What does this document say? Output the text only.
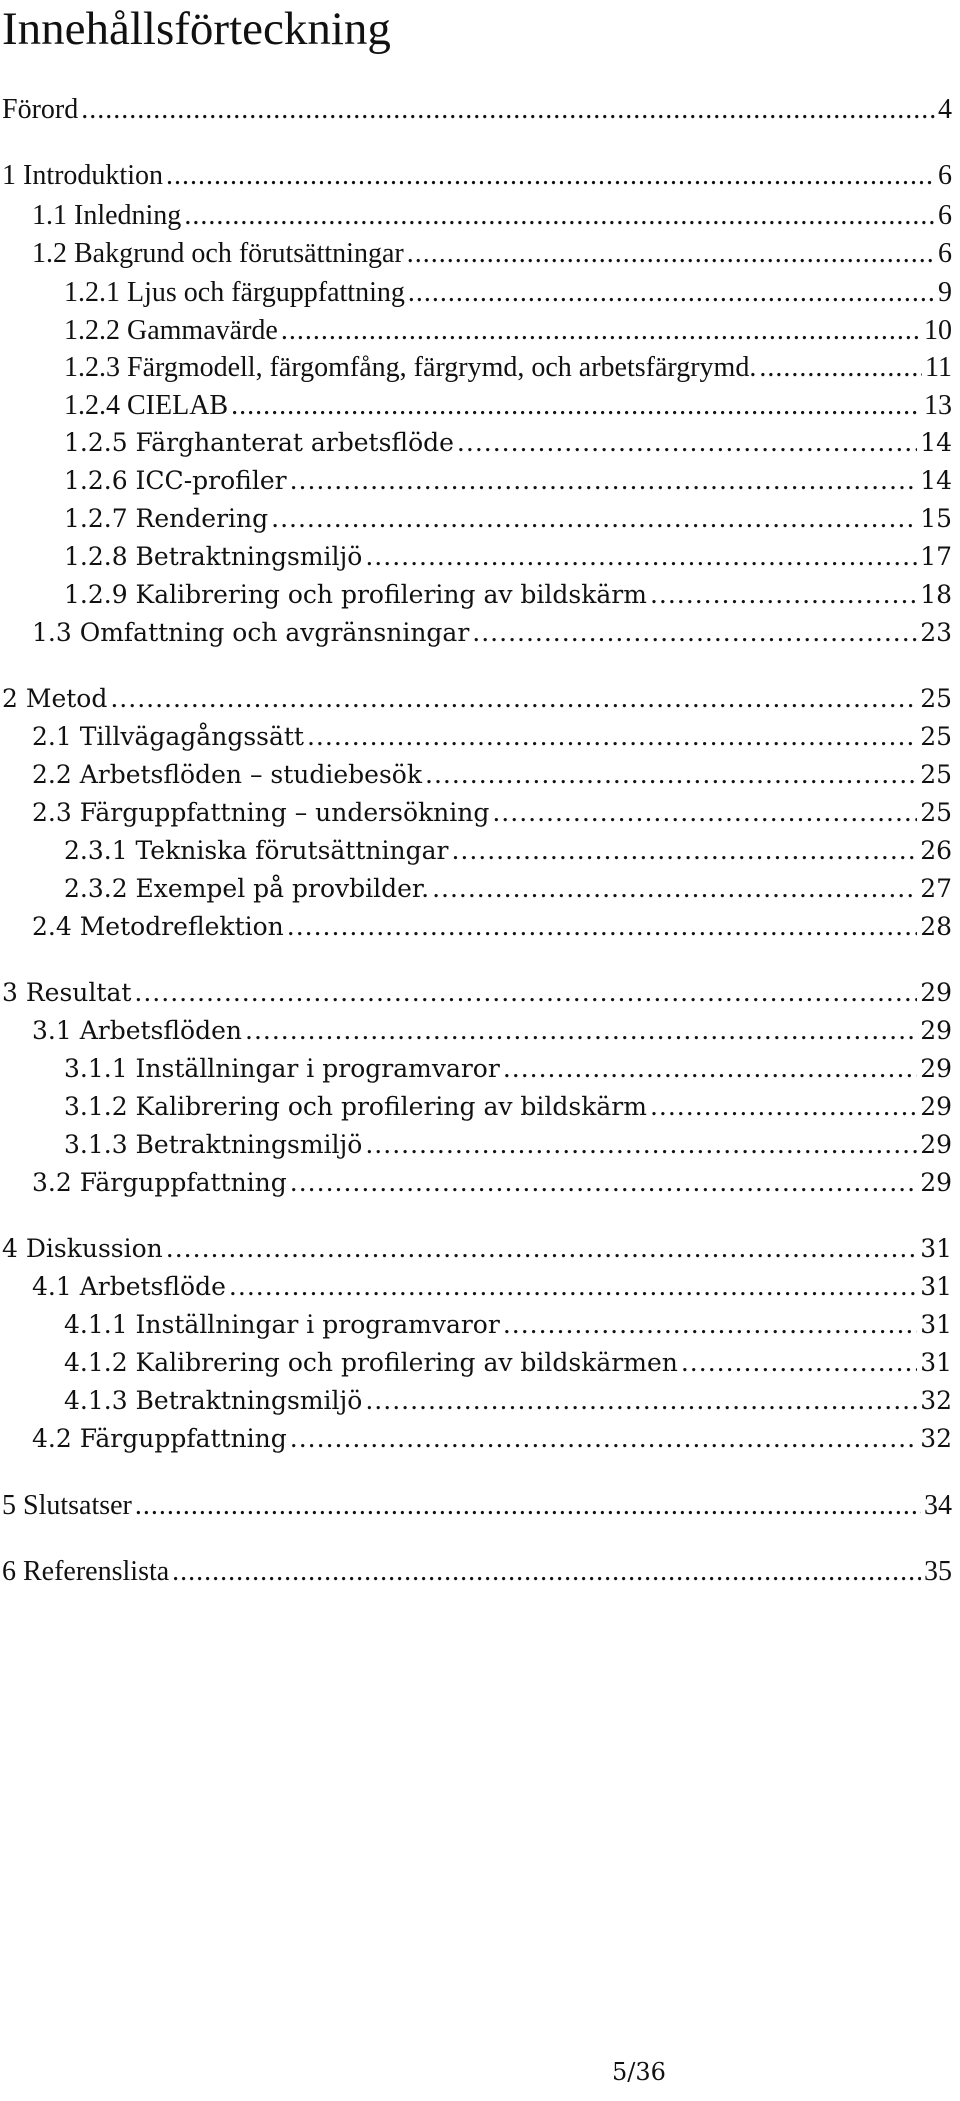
Innehållsförteckning
Förord .....	4
1 Introduktion .....	6
1.1 Inledning .....	6
1.2 Bakgrund och förutsättningar .....	6
1.2.1 Ljus och färguppfattning .....	9
1.2.2 Gammavärde .....	10
1.2.3 Färgmodell, färgomfång, färgrymd, och arbetsfärgrymd. .....	11
1.2.4 CIELAB .....	13
1.2.5 Färghanterat arbetsflöde .....	14
1.2.6 ICC-profiler .....	14
1.2.7 Rendering .....	15
1.2.8 Betraktningsmiljö .....	17
1.2.9 Kalibrering och profilering av bildskärm .....	18
1.3 Omfattning och avgränsningar .....	23
2 Metod .....	25
2.1 Tillvägagångssätt .....	25
2.2 Arbetsflöden – studiebesök .....	25
2.3 Färguppfattning – undersökning .....	25
2.3.1 Tekniska förutsättningar .....	26
2.3.2 Exempel på provbilder. .....	27
2.4 Metodreflektion .....	28
3 Resultat .....	29
3.1 Arbetsflöden .....	29
3.1.1 Inställningar i programvaror .....	29
3.1.2 Kalibrering och profilering av bildskärm .....	29
3.1.3 Betraktningsmiljö .....	29
3.2 Färguppfattning .....	29
4 Diskussion .....	31
4.1 Arbetsflöde .....	31
4.1.1 Inställningar i programvaror .....	31
4.1.2 Kalibrering och profilering av bildskärmen .....	31
4.1.3 Betraktningsmiljö .....	32
4.2 Färguppfattning .....	32
5 Slutsatser .....	34
6 Referenslista .....	35
5/36
